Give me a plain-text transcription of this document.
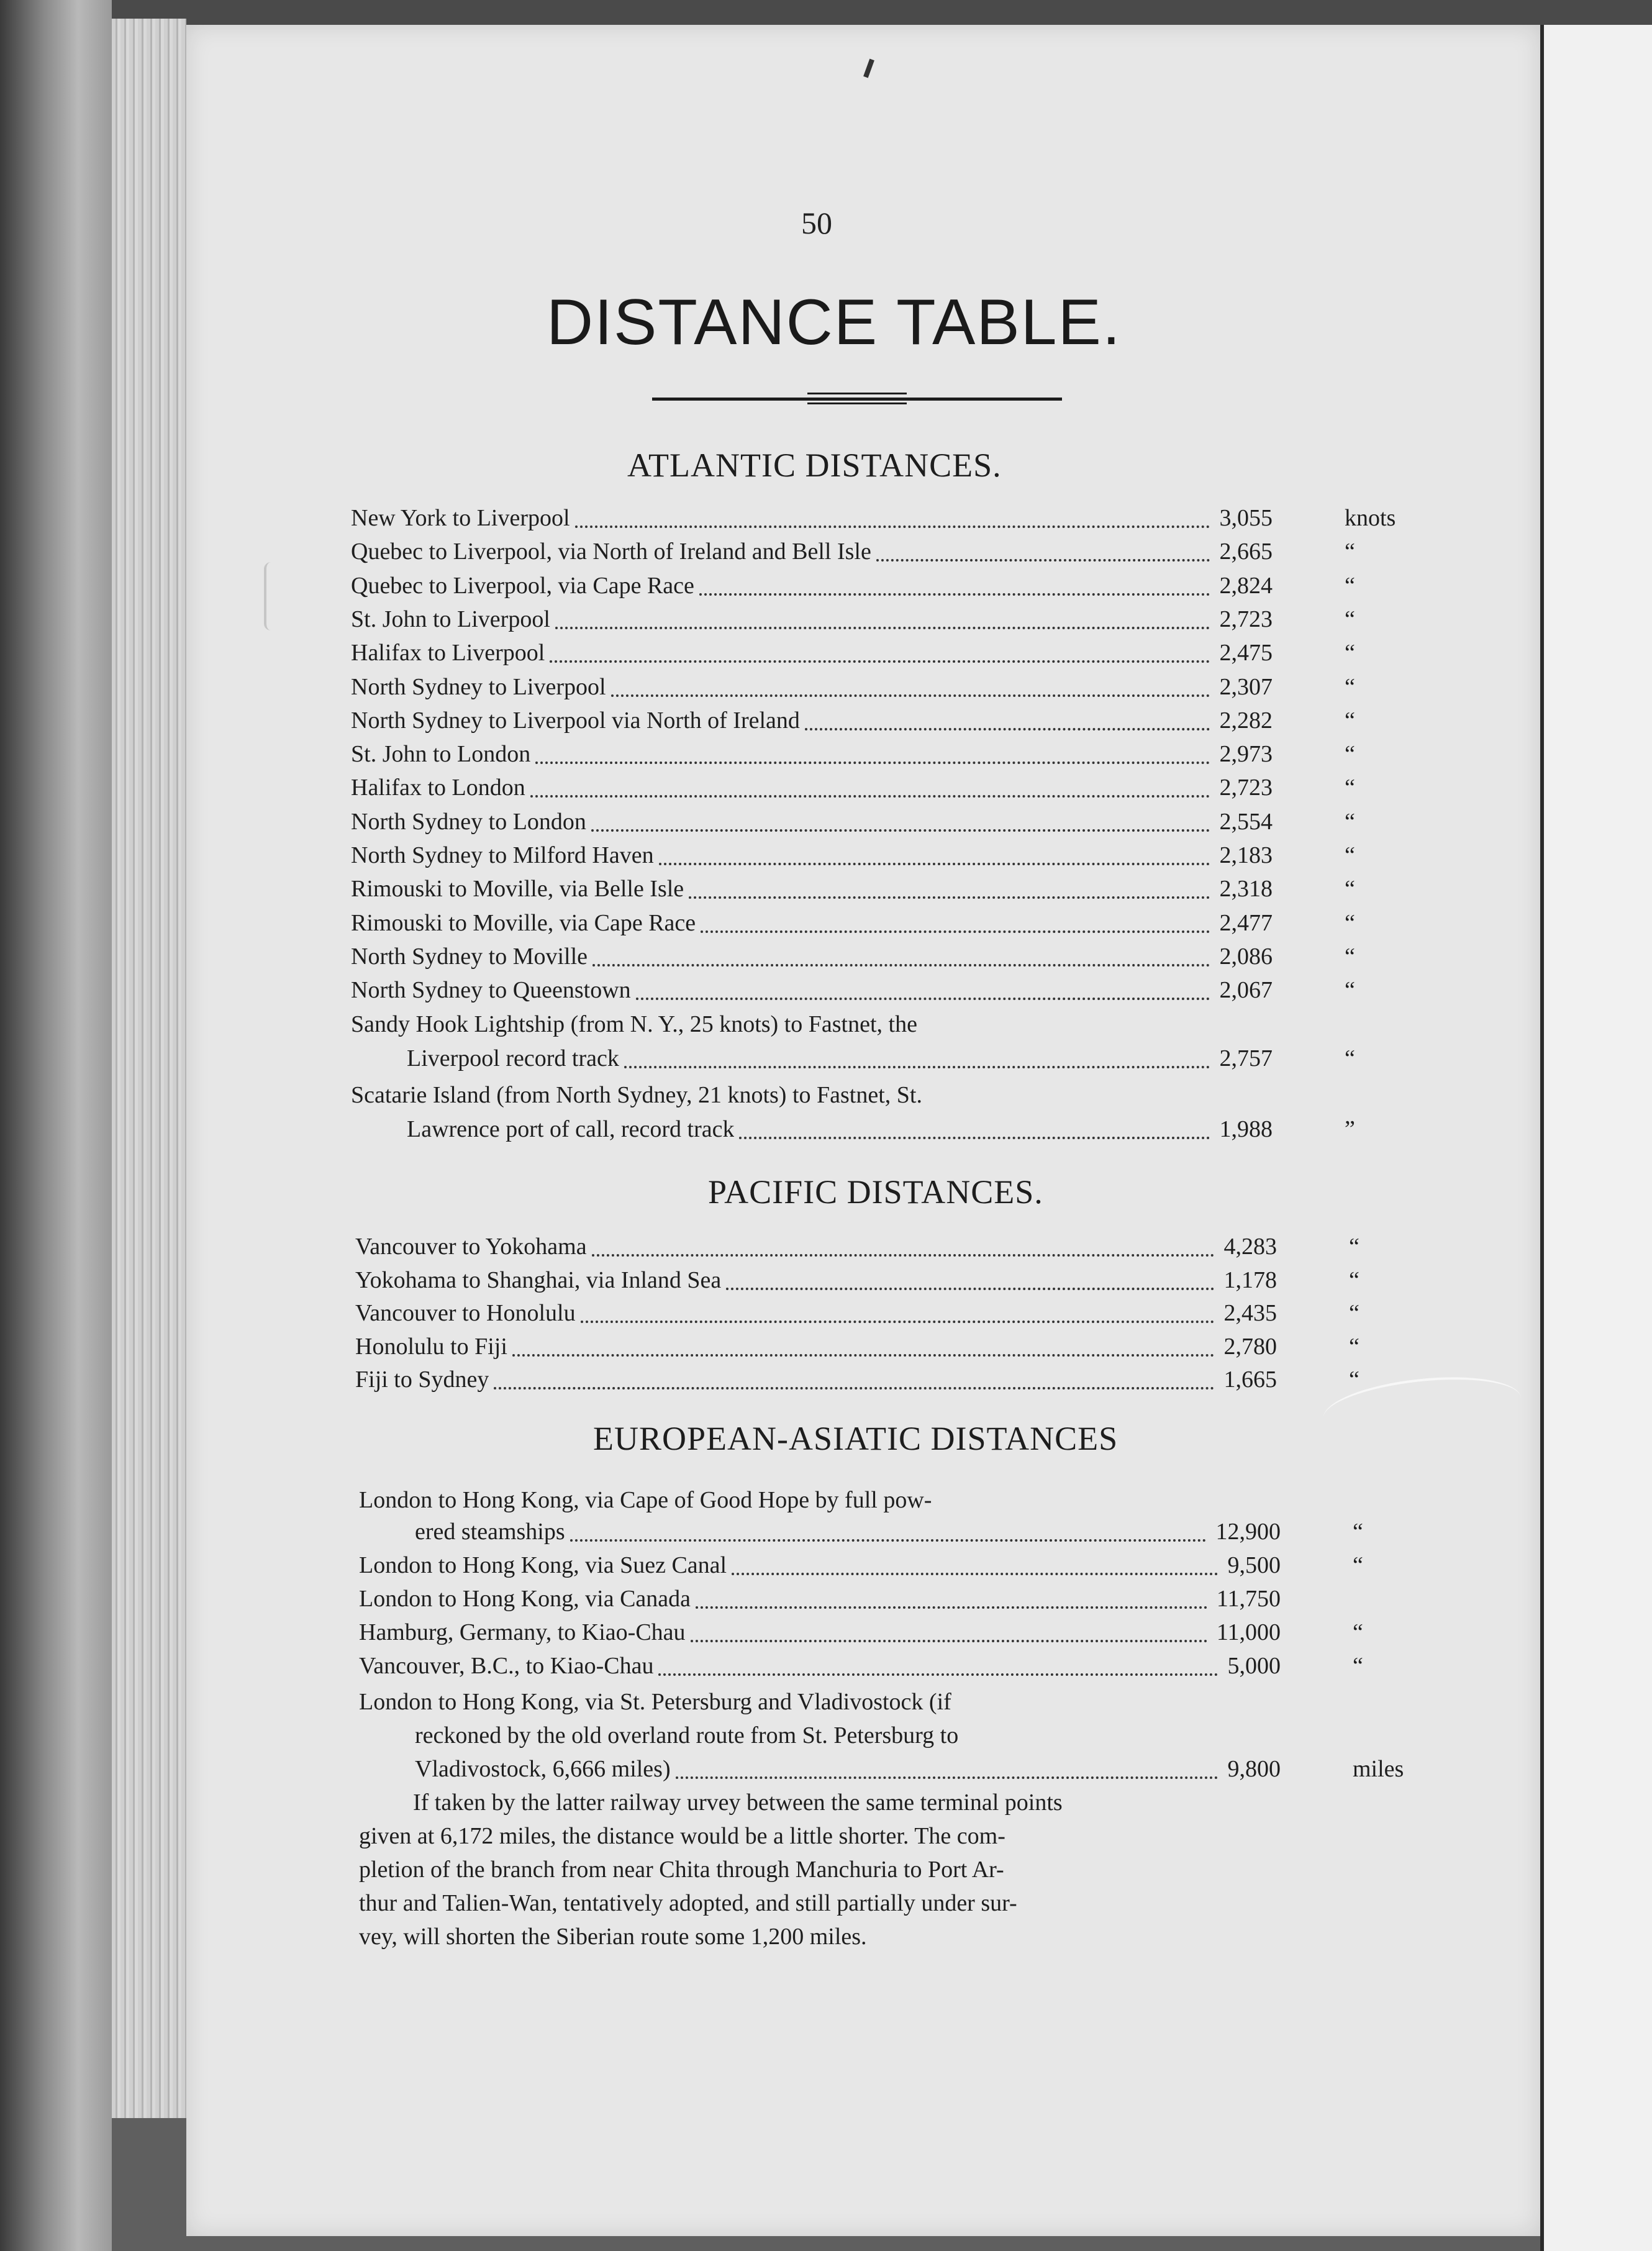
50
DISTANCE TABLE.
ATLANTIC DISTANCES.
New York to Liverpool	3,055	knots
Quebec to Liverpool, via North of Ireland and Bell Isle	2,665	“
Quebec to Liverpool, via Cape Race	2,824	“
St. John to Liverpool	2,723	“
Halifax to Liverpool	2,475	“
North Sydney to Liverpool	2,307	“
North Sydney to Liverpool via North of Ireland	2,282	“
St. John to London	2,973	“
Halifax to London	2,723	“
North Sydney to London	2,554	“
North Sydney to Milford Haven	2,183	“
Rimouski to Moville, via Belle Isle	2,318	“
Rimouski to Moville, via Cape Race	2,477	“
North Sydney to Moville	2,086	“
North Sydney to Queenstown	2,067	“
Sandy Hook Lightship (from N. Y., 25 knots) to Fastnet, the
Liverpool record track	2,757	“
Scatarie Island (from North Sydney, 21 knots) to Fastnet, St.
Lawrence port of call, record track	1,988	”
PACIFIC DISTANCES.
Vancouver to Yokohama	4,283	“
Yokohama to Shanghai, via Inland Sea	1,178	“
Vancouver to Honolulu	2,435	“
Honolulu to Fiji	2,780	“
Fiji to Sydney	1,665	“
EUROPEAN-ASIATIC DISTANCES
London to Hong Kong, via Cape of Good Hope by full pow-
ered steamships	12,900	“
London to Hong Kong, via Suez Canal	9,500	“
London to Hong Kong, via Canada	11,750
Hamburg, Germany, to Kiao-Chau	11,000	“
Vancouver, B.C., to Kiao-Chau	5,000	“
London to Hong Kong, via St. Petersburg and Vladivostock (if
reckoned by the old overland route from St. Petersburg to
Vladivostock, 6,666 miles)	9,800	miles
If taken by the latter railway urvey between the same terminal points
given at 6,172 miles, the distance would be a little shorter. The com-
pletion of the branch from near Chita through Manchuria to Port Ar-
thur and Talien-Wan, tentatively adopted, and still partially under sur-
vey, will shorten the Siberian route some 1,200 miles.
